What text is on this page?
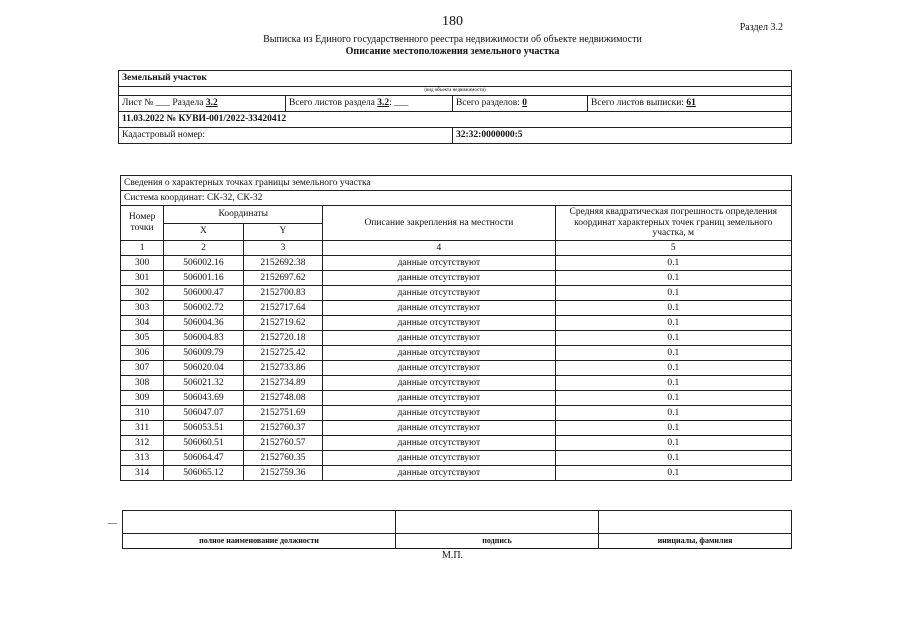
180	Раздел 3.2
Выписка из Единого государственного реестра недвижимости об объекте недвижимости
Описание местоположения земельного участка
Земельный участок			
(вид объекта недвижимости)			
Лист № ___ Раздела 3.2	Всего листов раздела 3.2: ___	Всего разделов: 0	Всего листов выписки: 61
11.03.2022 № КУВИ-001/2022-33420412			
Кадастровый номер:		32:32:0000000:5	
Сведения о характерных точках границы земельного участка				
Система координат: СК-32, СК-32				
Номер точки	Координаты		Описание закрепления на местности	Средняя квадратическая погрешность определения координат характерных точек границ земельного участка, м
	X	Y		
1	2	3	4	5
300	506002.16	2152692.38	данные отсутствуют	0.1
301	506001.16	2152697.62	данные отсутствуют	0.1
302	506000.47	2152700.83	данные отсутствуют	0.1
303	506002.72	2152717.64	данные отсутствуют	0.1
304	506004.36	2152719.62	данные отсутствуют	0.1
305	506004.83	2152720.18	данные отсутствуют	0.1
306	506009.79	2152725.42	данные отсутствуют	0.1
307	506020.04	2152733.86	данные отсутствуют	0.1
308	506021.32	2152734.89	данные отсутствуют	0.1
309	506043.69	2152748.08	данные отсутствуют	0.1
310	506047.07	2152751.69	данные отсутствуют	0.1
311	506053.51	2152760.37	данные отсутствуют	0.1
312	506060.51	2152760.57	данные отсутствуют	0.1
313	506064.47	2152760.35	данные отсутствуют	0.1
314	506065.12	2152759.36	данные отсутствуют	0.1
—

полное наименование должности	подпись	инициалы, фамилия
М.П.
